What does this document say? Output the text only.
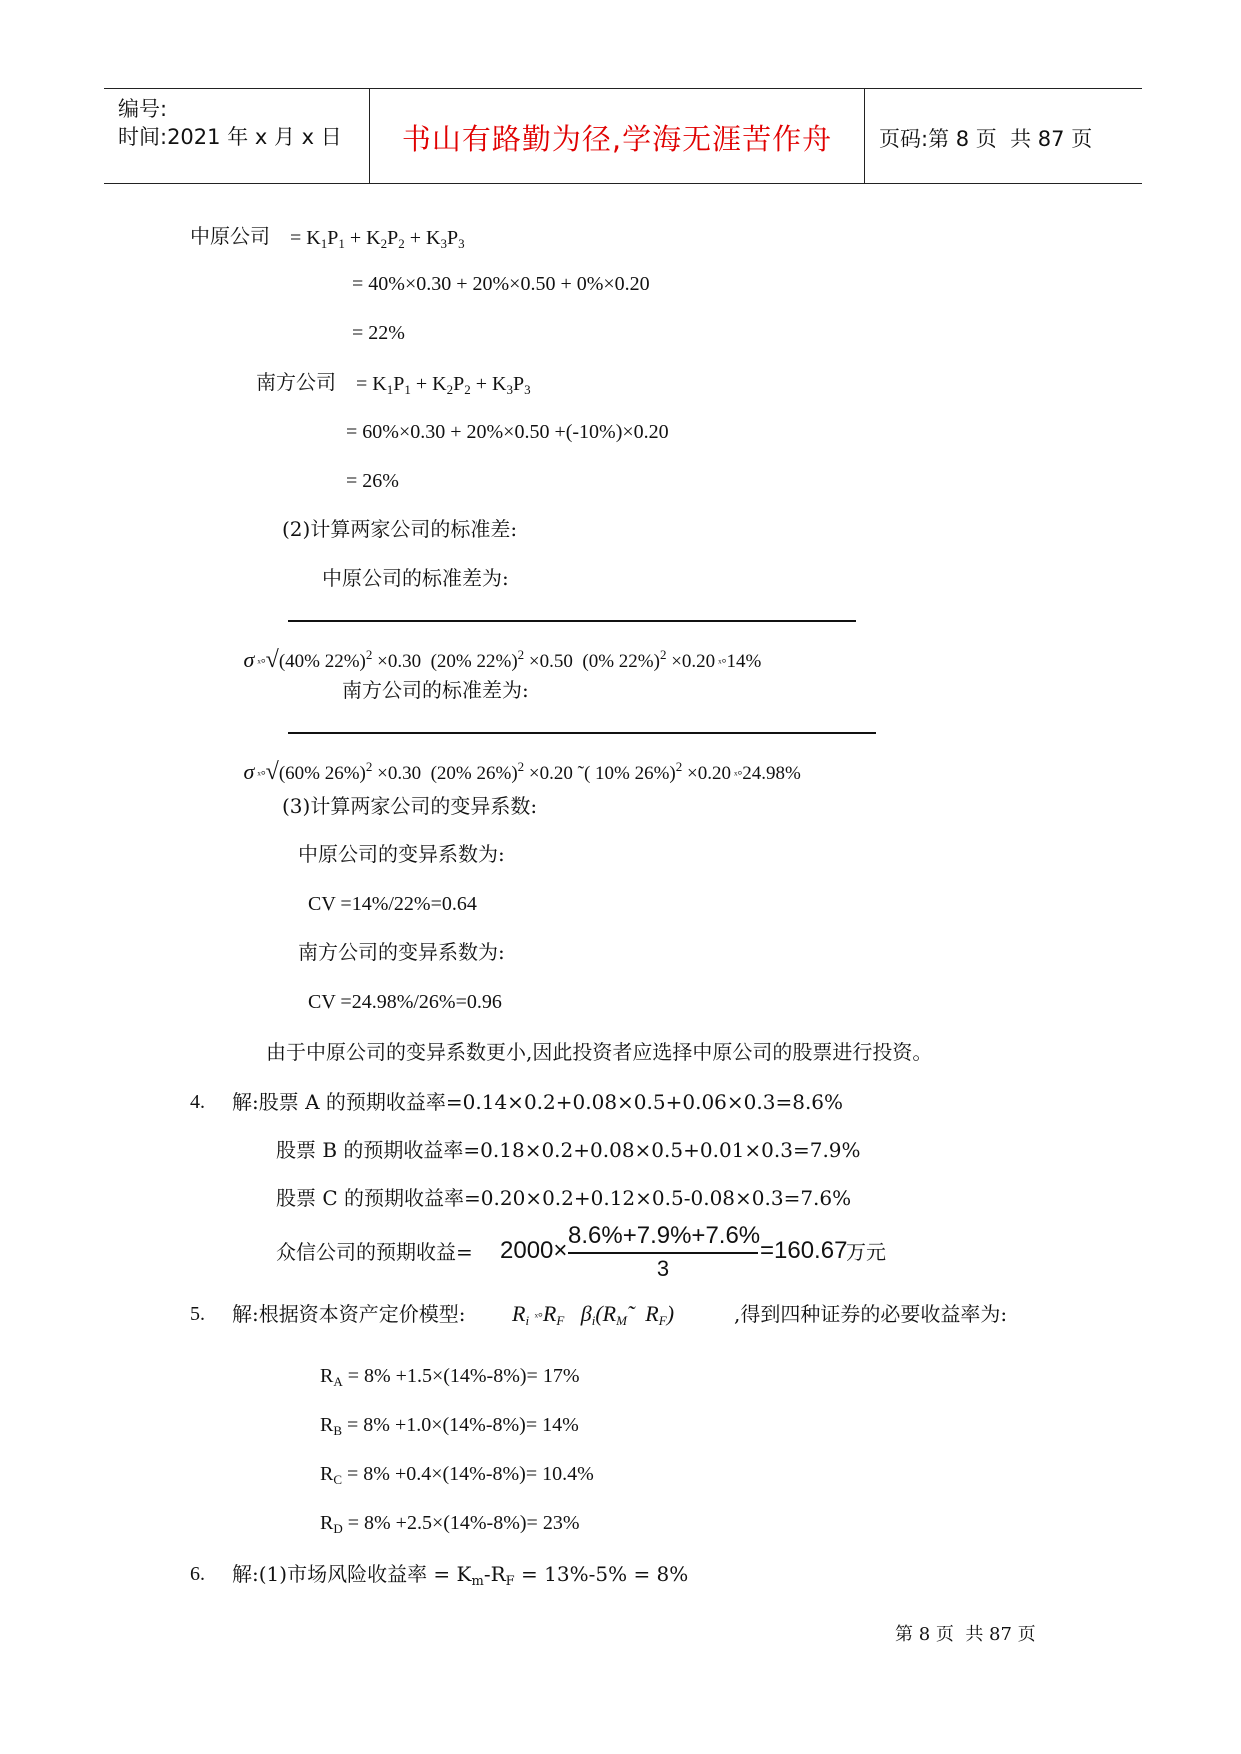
编号:
时间:2021 年 x 月 x 日	书山有路勤为径,学海无涯苦作舟	页码:第 8 页  共 87 页
中原公司 = $K_1P_1 + K_2P_2 + K_3P_3$
= 40%×0.30 + 20%×0.50 + 0%×0.20
= 22%
南方公司 = $K_1P_1 + K_2P_2 + K_3P_3$
= 60%×0.30 + 20%×0.50 +(-10%)×0.20
= 26%
(2)计算两家公司的标准差:
中原公司的标准差为:

σ ˣ°√(40% 22%)$^2$ ×0.30 (20% 22%)$^2$ ×0.50 (0% 22%)$^2$ ×0.20 ˣ°14%

南方公司的标准差为:

σ ˣ°√(60% 26%)$^2$ ×0.30 (20% 26%)$^2$ ×0.20 ˜( 10% 26%)$^2$ ×0.20 ˣ°24.98%

(3)计算两家公司的变异系数:
中原公司的变异系数为:
CV =14%/22%=0.64
南方公司的变异系数为:
CV =24.98%/26%=0.96
由于中原公司的变异系数更小,因此投资者应选择中原公司的股票进行投资。
4. 解:股票 A 的预期收益率=0.14×0.2+0.08×0.5+0.06×0.3=8.6%
股票 B 的预期收益率=0.18×0.2+0.08×0.5+0.01×0.3=7.9%
股票 C 的预期收益率=0.20×0.2+0.12×0.5-0.08×0.3=7.6%
众信公司的预期收益= 2000×
8.6%+7.9%+7.6%
3
=160.67
万元
5. 解:根据资本资产定价模型: $R_i$ $ˣ^\circ R_F$   $\beta_i(R_M˜$  $R_F$)	,得到四种证券的必要收益率为:
$R_A = 8\% +1.5\times(14\%-8\%)= 17\%$
$R_B = 8\% +1.0\times(14\%-8\%)= 14\%$
$R_C = 8\% +0.4\times(14\%-8\%)= 10.4\%$
$R_D = 8\% +2.5\times(14\%-8\%)= 23\%$
6. 解:(1)市场风险收益率 = $K_m-R_F = 13\%-5\% = 8\%$
第 8 页  共 87 页
